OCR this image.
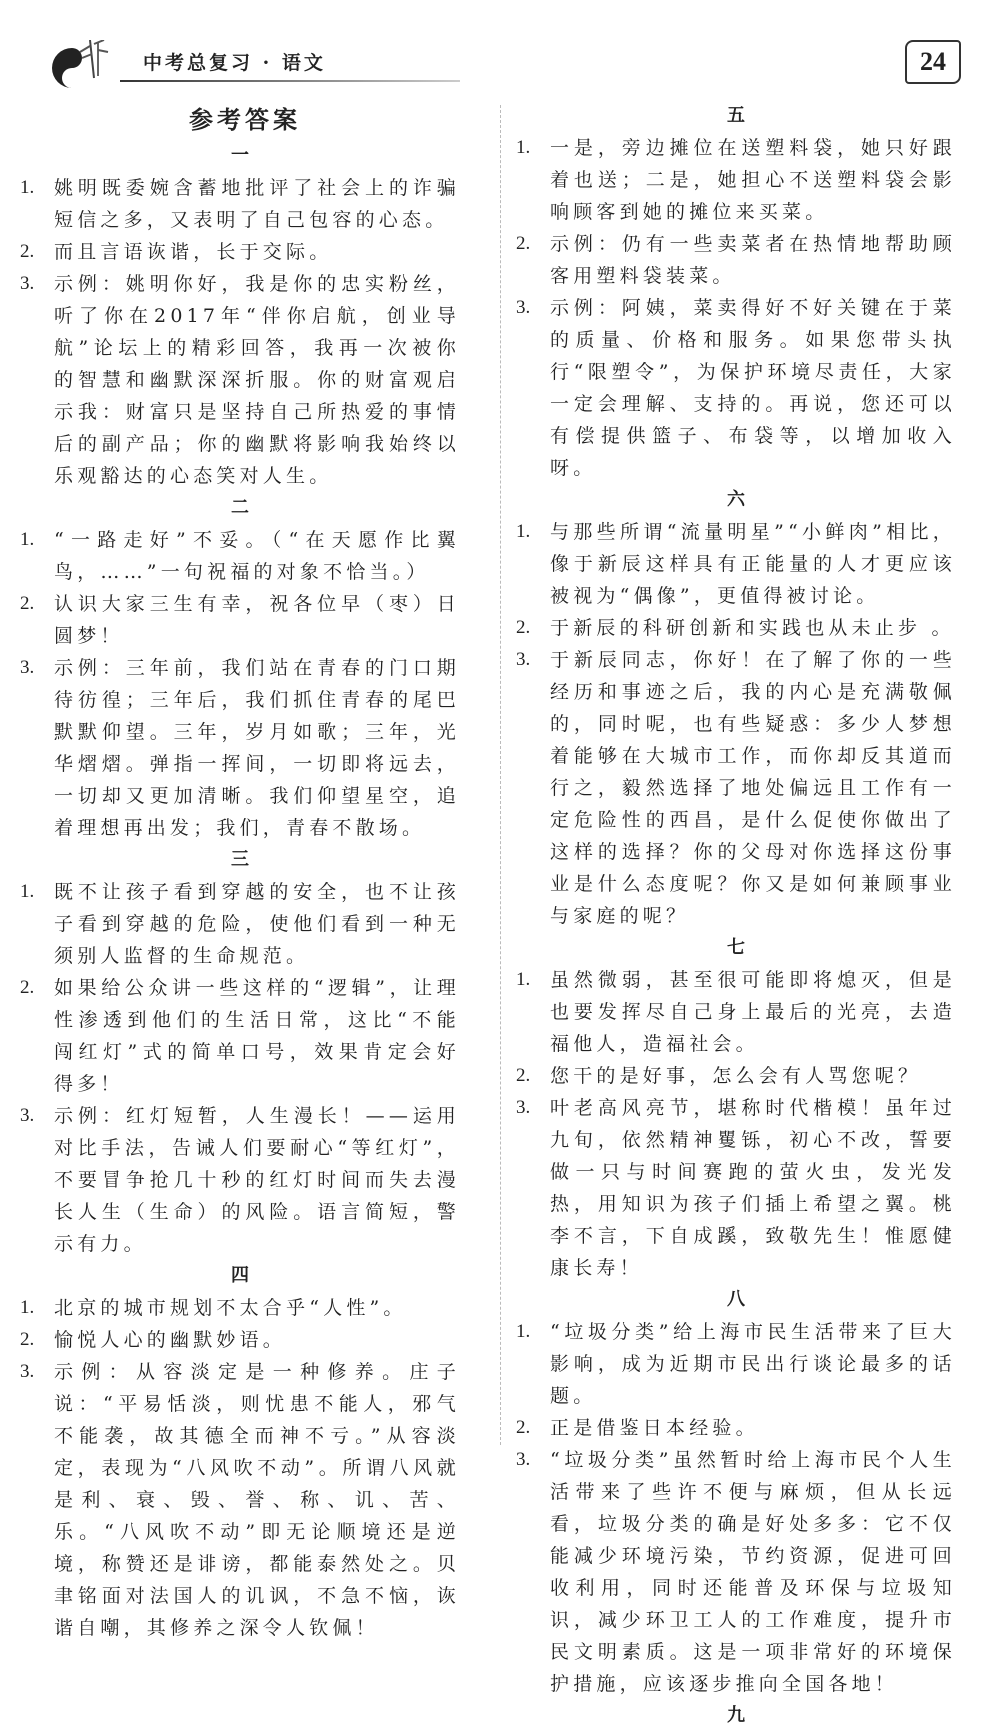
中考总复习 · 语文	24
参考答案
一
1.	姚明既委婉含蓄地批评了社会上的诈骗短信之多，又表明了自己包容的心态。
2.	而且言语诙谐，长于交际。
3.	示例：姚明你好，我是你的忠实粉丝，听了你在2017年“伴你启航，创业导航”论坛上的精彩回答，我再一次被你的智慧和幽默深深折服。你的财富观启示我：财富只是坚持自己所热爱的事情后的副产品；你的幽默将影响我始终以乐观豁达的心态笑对人生。
二
1.	“一路走好”不妥。（“在天愿作比翼鸟，……”一句祝福的对象不恰当。）
2.	认识大家三生有幸，祝各位早（枣）日圆梦！
3.	示例：三年前，我们站在青春的门口期待彷徨；三年后，我们抓住青春的尾巴默默仰望。三年，岁月如歌；三年，光华熠熠。弹指一挥间，一切即将远去，一切却又更加清晰。我们仰望星空，追着理想再出发；我们，青春不散场。
三
1.	既不让孩子看到穿越的安全，也不让孩子看到穿越的危险，使他们看到一种无须别人监督的生命规范。
2.	如果给公众讲一些这样的“逻辑”，让理性渗透到他们的生活日常，这比“不能闯红灯”式的简单口号，效果肯定会好得多！
3.	示例：红灯短暂，人生漫长！——运用对比手法，告诫人们要耐心“等红灯”，不要冒争抢几十秒的红灯时间而失去漫长人生（生命）的风险。语言简短，警示有力。
四
1.	北京的城市规划不太合乎“人性”。
2.	愉悦人心的幽默妙语。
3.	示例：从容淡定是一种修养。庄子说：“平易恬淡，则忧患不能人，邪气不能袭，故其德全而神不亏。”从容淡定，表现为“八风吹不动”。所谓八风就是利、衰、毁、誉、称、讥、苦、乐。“八风吹不动”即无论顺境还是逆境，称赞还是诽谤，都能泰然处之。贝聿铭面对法国人的讥讽，不急不恼，诙谐自嘲，其修养之深令人钦佩！
五
1.	一是，旁边摊位在送塑料袋，她只好跟着也送；二是，她担心不送塑料袋会影响顾客到她的摊位来买菜。
2.	示例：仍有一些卖菜者在热情地帮助顾客用塑料袋装菜。
3.	示例：阿姨，菜卖得好不好关键在于菜的质量、价格和服务。如果您带头执行“限塑令”，为保护环境尽责任，大家一定会理解、支持的。再说，您还可以有偿提供篮子、布袋等，以增加收入呀。
六
1.	与那些所谓“流量明星”“小鲜肉”相比，像于新辰这样具有正能量的人才更应该被视为“偶像”，更值得被讨论。
2.	于新辰的科研创新和实践也从未止步 。
3.	于新辰同志，你好！在了解了你的一些经历和事迹之后，我的内心是充满敬佩的，同时呢，也有些疑惑：多少人梦想着能够在大城市工作，而你却反其道而行之，毅然选择了地处偏远且工作有一定危险性的西昌，是什么促使你做出了这样的选择？你的父母对你选择这份事业是什么态度呢？你又是如何兼顾事业与家庭的呢？
七
1.	虽然微弱，甚至很可能即将熄灭，但是也要发挥尽自己身上最后的光亮，去造福他人，造福社会。
2.	您干的是好事，怎么会有人骂您呢？
3.	叶老高风亮节，堪称时代楷模！虽年过九旬，依然精神矍铄，初心不改，誓要做一只与时间赛跑的萤火虫，发光发热，用知识为孩子们插上希望之翼。桃李不言，下自成蹊，致敬先生！惟愿健康长寿！
八
1.	“垃圾分类”给上海市民生活带来了巨大影响，成为近期市民出行谈论最多的话题。
2.	正是借鉴日本经验。
3.	“垃圾分类”虽然暂时给上海市民个人生活带来了些许不便与麻烦，但从长远看，垃圾分类的确是好处多多：它不仅能减少环境污染，节约资源，促进可回收利用，同时还能普及环保与垃圾知识，减少环卫工人的工作难度，提升市民文明素质。这是一项非常好的环境保护措施，应该逐步推向全国各地！
九
